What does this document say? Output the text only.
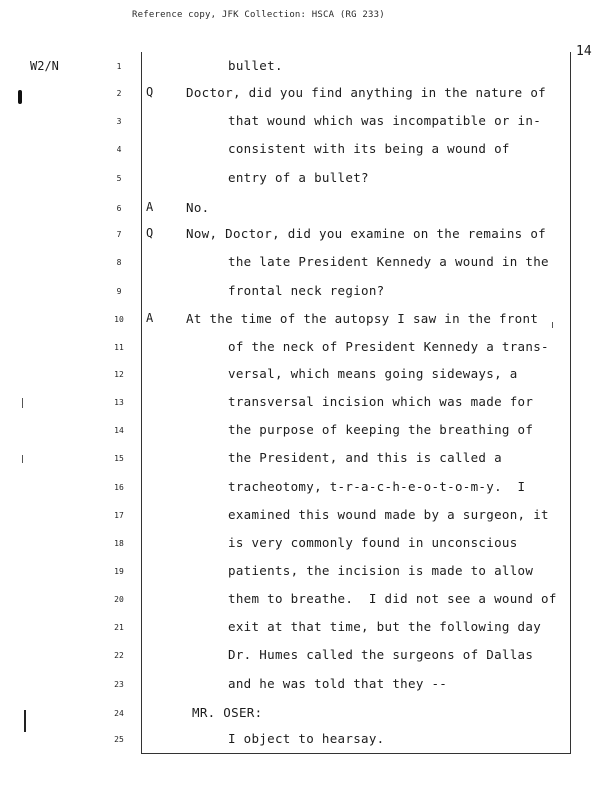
Reference copy, JFK Collection: HSCA (RG 233)
W2/N
14
1	bullet.
2	Q	Doctor, did you find anything in the nature of
3	that wound which was incompatible or in-
4	consistent with its being a wound of
5	entry of a bullet?
6	A	No.
7	Q	Now, Doctor, did you examine on the remains of
8	the late President Kennedy a wound in the
9	frontal neck region?
10	A	At the time of the autopsy I saw in the front
11	of the neck of President Kennedy a trans-
12	versal, which means going sideways, a
13	transversal incision which was made for
14	the purpose of keeping the breathing of
15	the President, and this is called a
16	tracheotomy, t-r-a-c-h-e-o-t-o-m-y.  I
17	examined this wound made by a surgeon, it
18	is very commonly found in unconscious
19	patients, the incision is made to allow
20	them to breathe.  I did not see a wound of
21	exit at that time, but the following day
22	Dr. Humes called the surgeons of Dallas
23	and he was told that they --
24	MR. OSER:
25	I object to hearsay.
